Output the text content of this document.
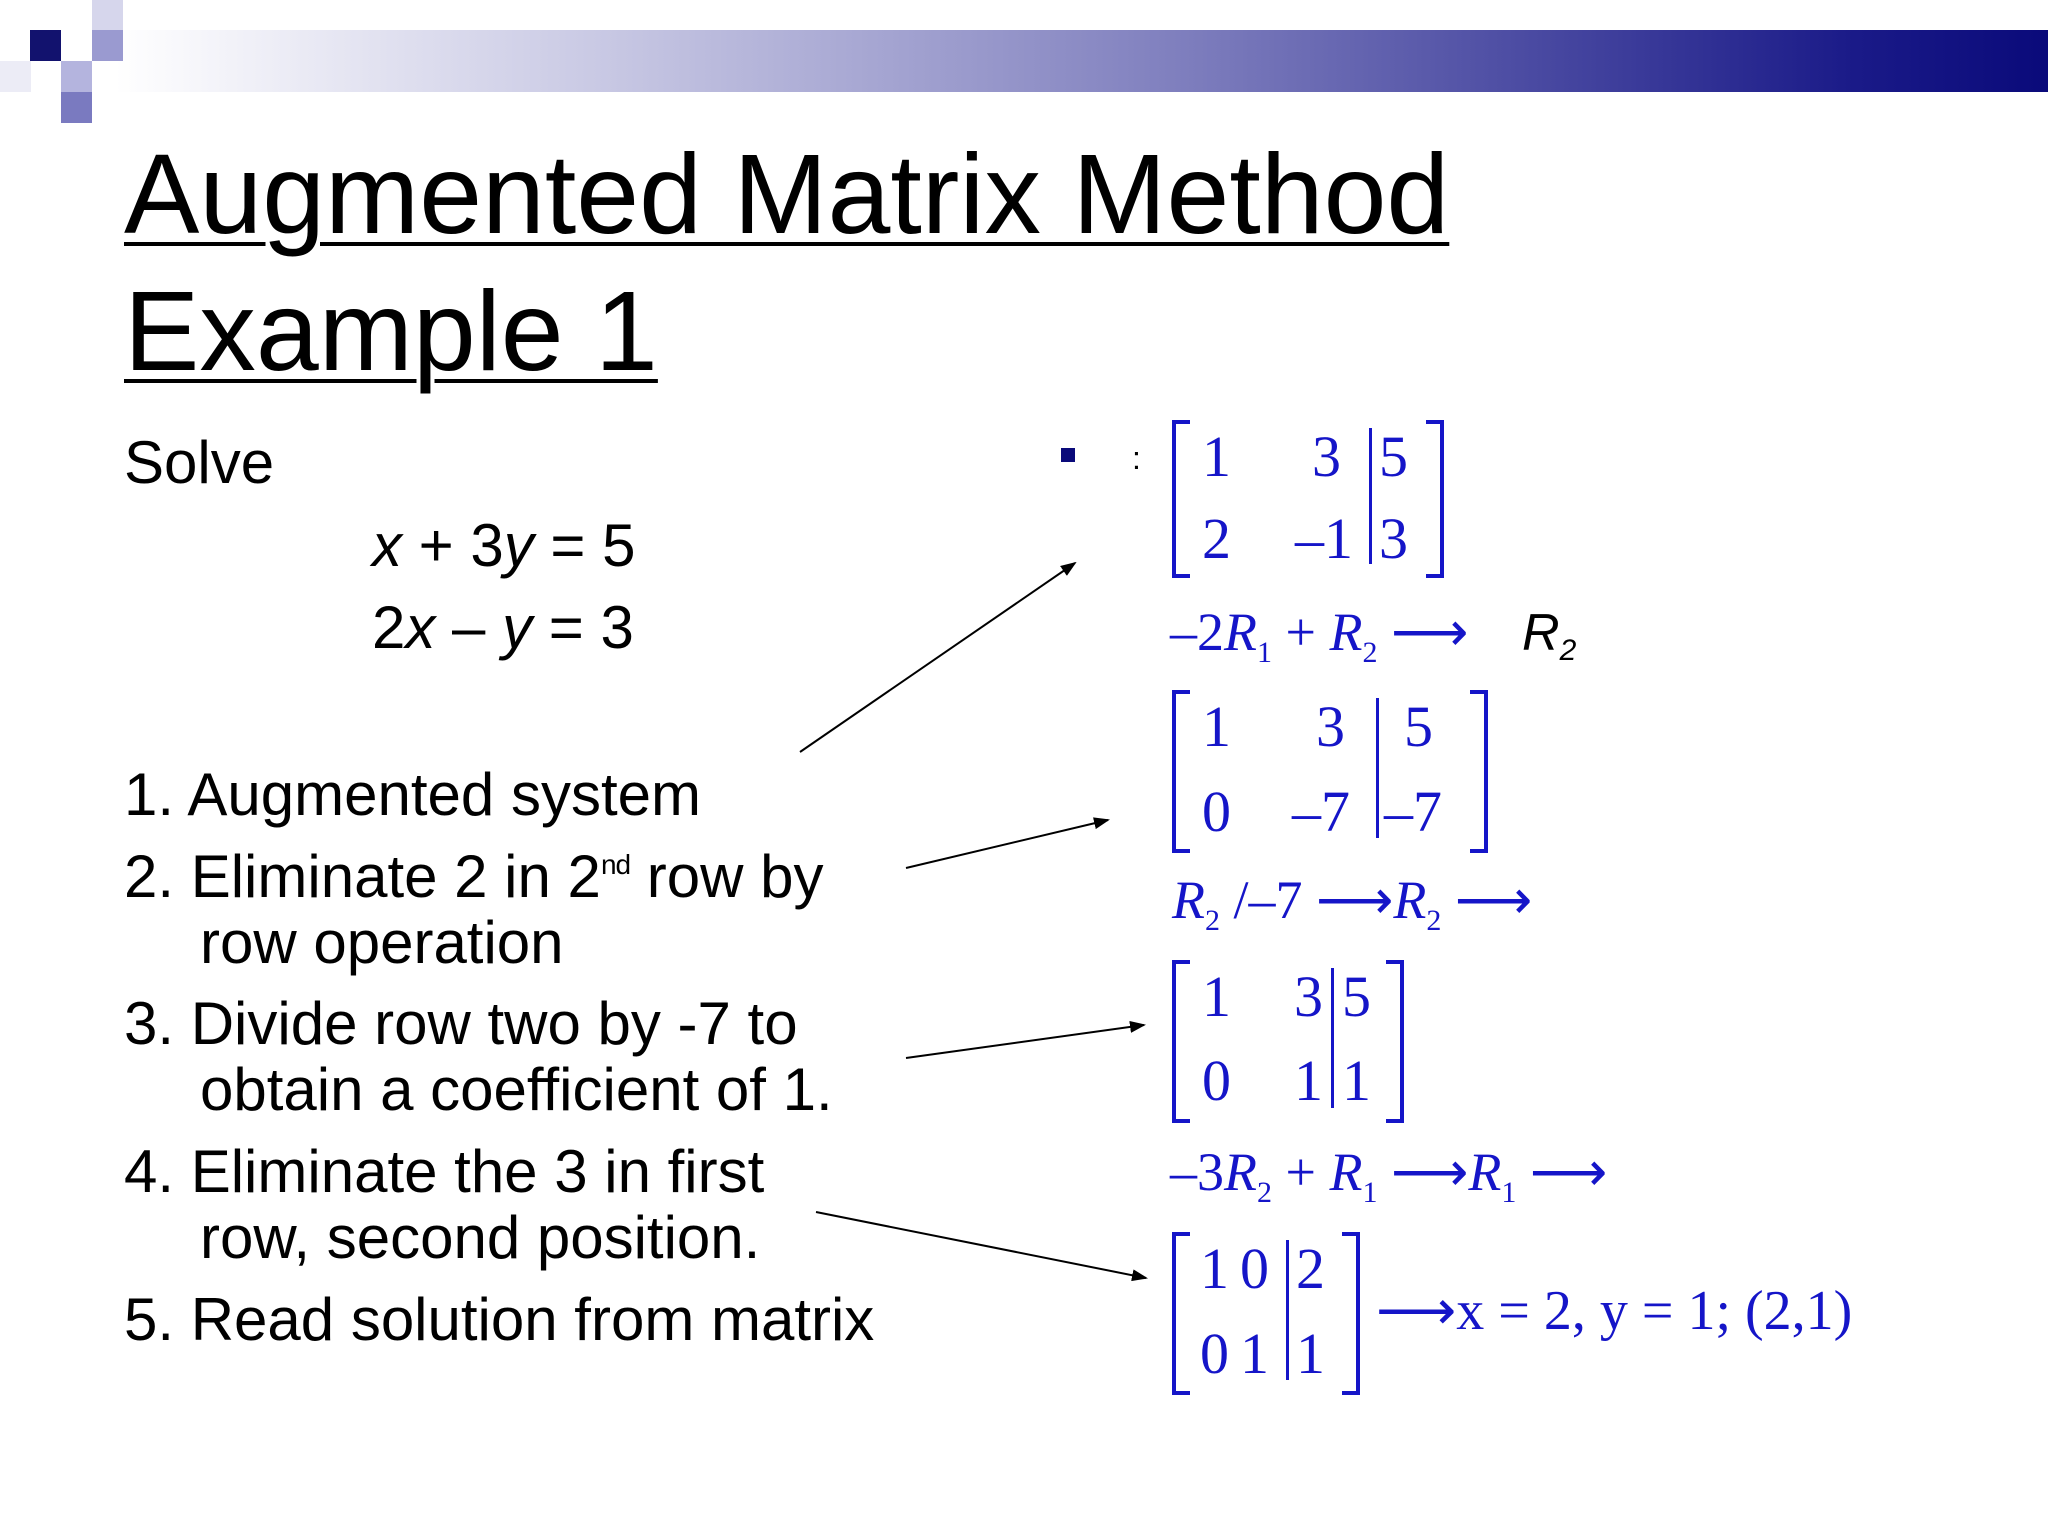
Augmented Matrix Method
Example 1
Solve
x + 3y = 5
2x – y = 3
1. Augmented system
2. Eliminate 2 in 2nd row by
row operation
3. Divide row two by -7 to
obtain a coefficient of 1.
4. Eliminate the 3 in first
row, second position.
5. Read solution from matrix
: 1 3 5
2 –1 3
$-2R_1 + R_2$ ⟶ $R_2$
1 3 5
0 –7 –7
$R_2$ /–7 $⟶R_2$ ⟶
1 3 5
0 1 1
$-3R_2 + R_1$ $⟶R_1$ ⟶
1 0 2
0 1 1
⟶x = 2, y = 1; (2,1)
